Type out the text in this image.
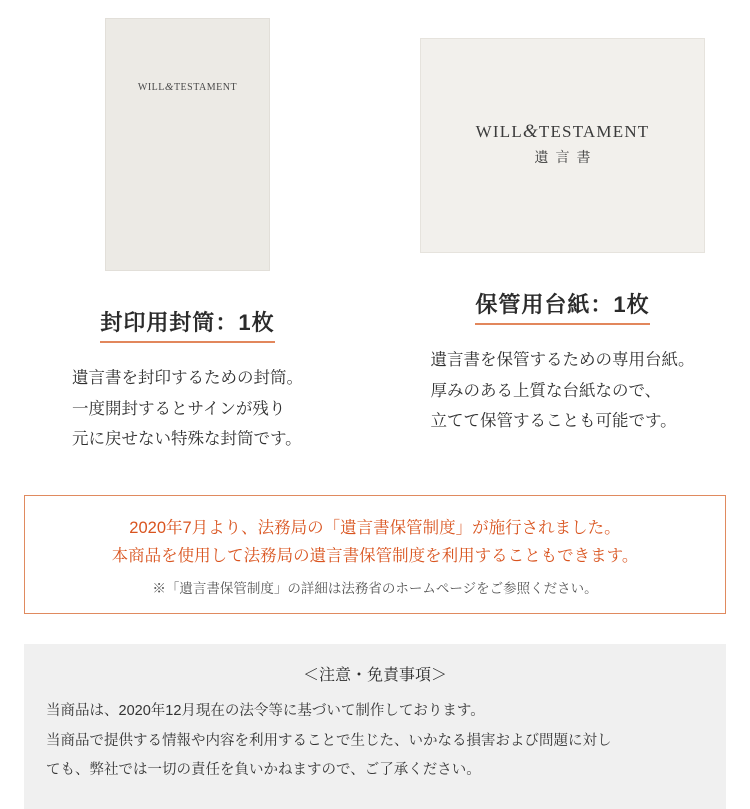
WILL&TESTAMENT
封印用封筒：1枚
遺言書を封印するための封筒。
一度開封するとサインが残り
元に戻せない特殊な封筒です。
WILL&TESTAMENT
遺言書
保管用台紙：1枚
遺言書を保管するための専用台紙。
厚みのある上質な台紙なので、
立てて保管することも可能です。
2020年7月より、法務局の「遺言書保管制度」が施行されました。
本商品を使用して法務局の遺言書保管制度を利用することもできます。
※「遺言書保管制度」の詳細は法務省のホームページをご参照ください。
＜注意・免責事項＞

当商品は、2020年12月現在の法令等に基づいて制作しております。

当商品で提供する情報や内容を利用することで生じた、いかなる損害および問題に対し

ても、弊社では一切の責任を負いかねますので、ご了承ください。
